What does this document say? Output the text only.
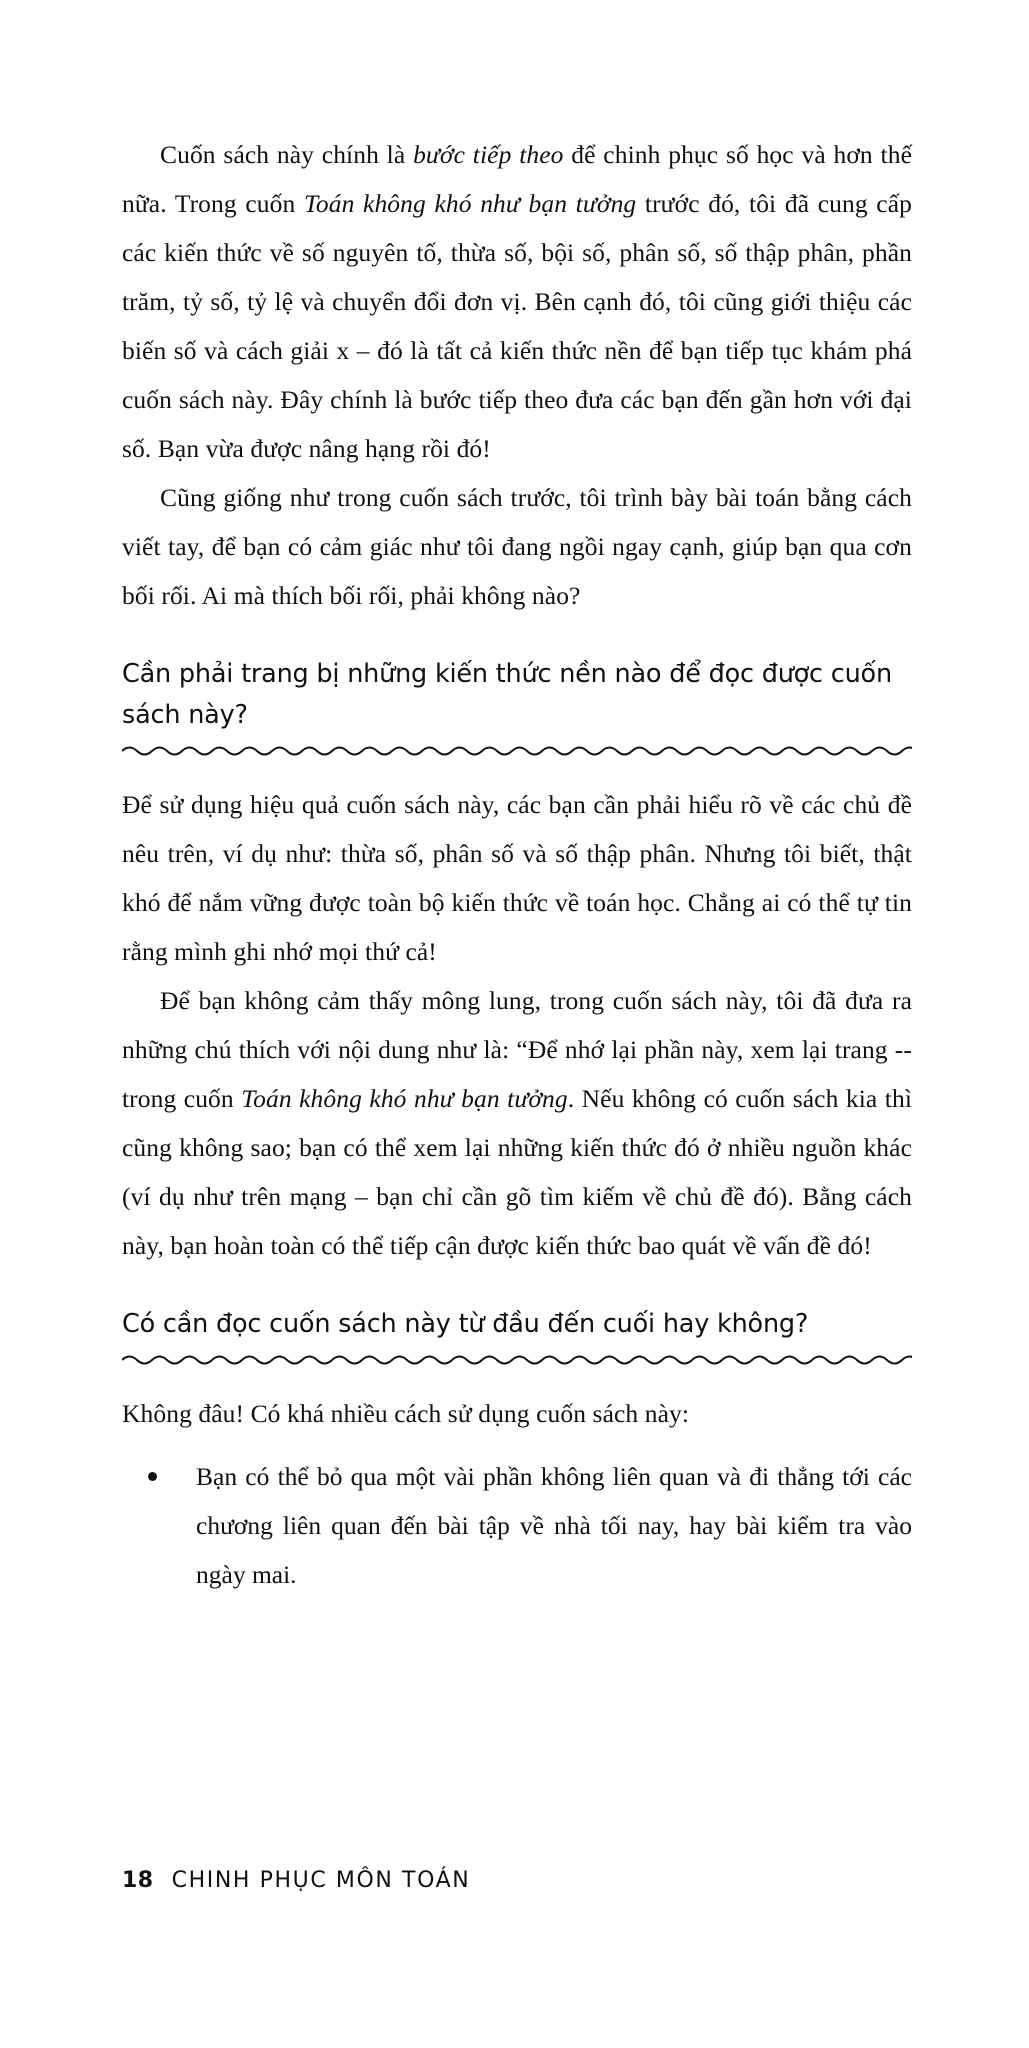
Cuốn sách này chính là bước tiếp theo để chinh phục số học và hơn thế nữa. Trong cuốn Toán không khó như bạn tưởng trước đó, tôi đã cung cấp các kiến thức về số nguyên tố, thừa số, bội số, phân số, số thập phân, phần trăm, tỷ số, tỷ lệ và chuyển đổi đơn vị. Bên cạnh đó, tôi cũng giới thiệu các biến số và cách giải x – đó là tất cả kiến thức nền để bạn tiếp tục khám phá cuốn sách này. Đây chính là bước tiếp theo đưa các bạn đến gần hơn với đại số. Bạn vừa được nâng hạng rồi đó!

Cũng giống như trong cuốn sách trước, tôi trình bày bài toán bằng cách viết tay, để bạn có cảm giác như tôi đang ngồi ngay cạnh, giúp bạn qua cơn bối rối. Ai mà thích bối rối, phải không nào?

Cần phải trang bị những kiến thức nền nào để đọc được cuốn sách này?

Để sử dụng hiệu quả cuốn sách này, các bạn cần phải hiểu rõ về các chủ đề nêu trên, ví dụ như: thừa số, phân số và số thập phân. Nhưng tôi biết, thật khó để nắm vững được toàn bộ kiến thức về toán học. Chẳng ai có thể tự tin rằng mình ghi nhớ mọi thứ cả!

Để bạn không cảm thấy mông lung, trong cuốn sách này, tôi đã đưa ra những chú thích với nội dung như là: “Để nhớ lại phần này, xem lại trang -- trong cuốn Toán không khó như bạn tưởng. Nếu không có cuốn sách kia thì cũng không sao; bạn có thể xem lại những kiến thức đó ở nhiều nguồn khác (ví dụ như trên mạng – bạn chỉ cần gõ tìm kiếm về chủ đề đó). Bằng cách này, bạn hoàn toàn có thể tiếp cận được kiến thức bao quát về vấn đề đó!

Có cần đọc cuốn sách này từ đầu đến cuối hay không?

Không đâu! Có khá nhiều cách sử dụng cuốn sách này:

Bạn có thể bỏ qua một vài phần không liên quan và đi thẳng tới các chương liên quan đến bài tập về nhà tối nay, hay bài kiểm tra vào ngày mai.
18 CHINH PHỤC MÔN TOÁN
